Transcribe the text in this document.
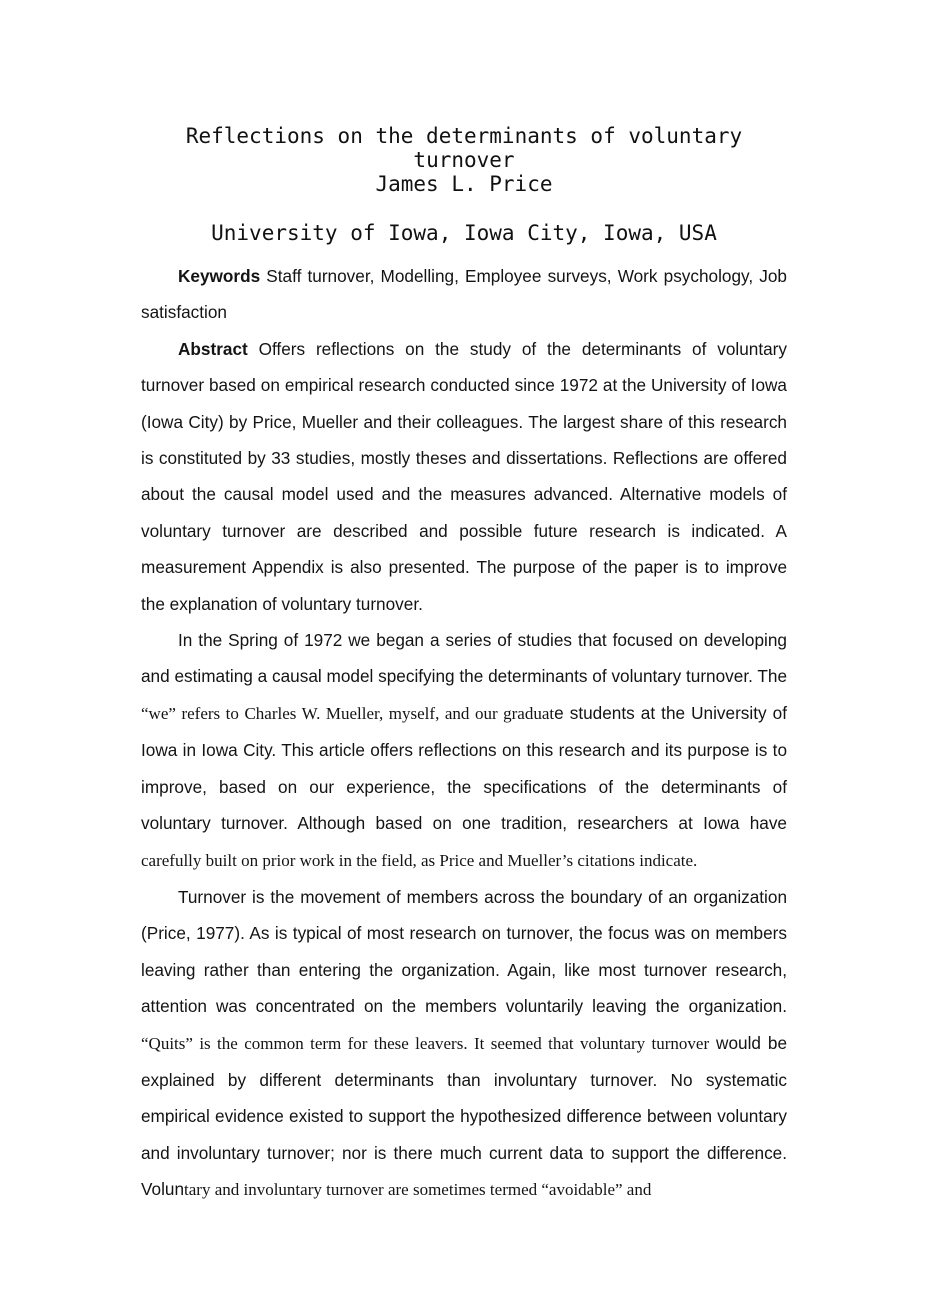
Reflections on the determinants of voluntary turnover
James L. Price
University of Iowa, Iowa City, Iowa, USA

Keywords Staff turnover, Modelling, Employee surveys, Work psychology, Job satisfaction

Abstract Offers reflections on the study of the determinants of voluntary turnover based on empirical research conducted since 1972 at the University of Iowa (Iowa City) by Price, Mueller and their colleagues. The largest share of this research is constituted by 33 studies, mostly theses and dissertations. Reflections are offered about the causal model used and the measures advanced. Alternative models of voluntary turnover are described and possible future research is indicated. A measurement Appendix is also presented. The purpose of the paper is to improve the explanation of voluntary turnover.

In the Spring of 1972 we began a series of studies that focused on developing and estimating a causal model specifying the determinants of voluntary turnover. The “we” refers to Charles W. Mueller, myself, and our graduate students at the University of Iowa in Iowa City. This article offers reflections on this research and its purpose is to improve, based on our experience, the specifications of the determinants of voluntary turnover. Although based on one tradition, researchers at Iowa have carefully built on prior work in the field, as Price and Mueller’s citations indicate.

Turnover is the movement of members across the boundary of an organization (Price, 1977). As is typical of most research on turnover, the focus was on members leaving rather than entering the organization. Again, like most turnover research, attention was concentrated on the members voluntarily leaving the organization. “Quits” is the common term for these leavers. It seemed that voluntary turnover would be explained by different determinants than involuntary turnover. No systematic empirical evidence existed to support the hypothesized difference between voluntary and involuntary turnover; nor is there much current data to support the difference. Voluntary and involuntary turnover are sometimes termed “avoidable” and
